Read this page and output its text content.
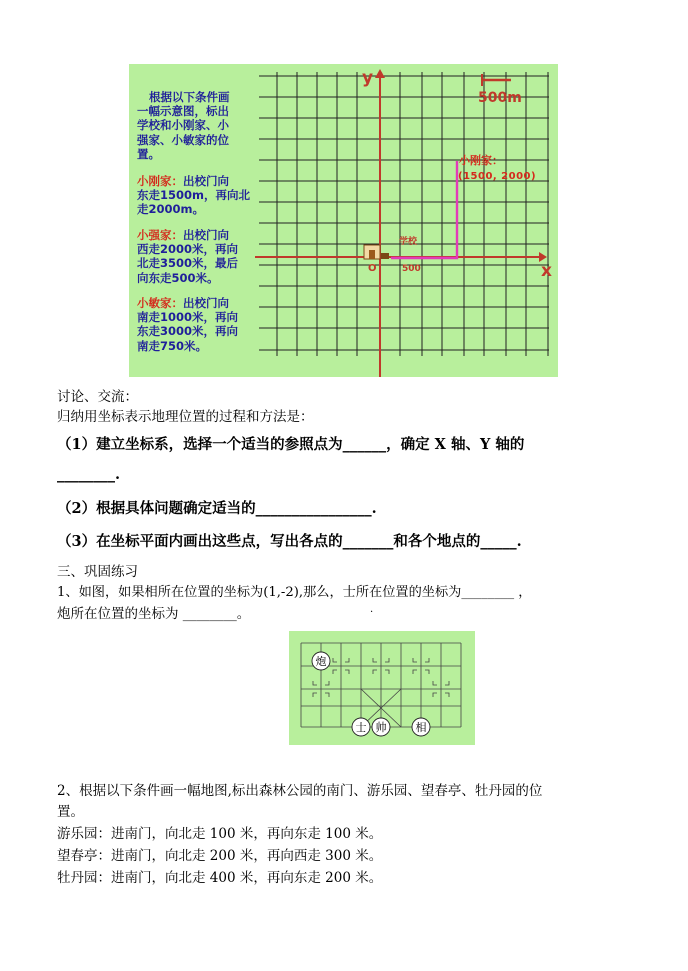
y
x
O
500m
学校
500
根据以下条件画
一幅示意图，标出
学校和小刚家、小
强家、小敏家的位
置。
小刚家：出校门向
东走1500m，再向北
走2000m。
小强家：出校门向
西走2000米，再向
北走3500米，最后
向东走500米。
小敏家：出校门向
南走1000米，再向
东走3000米，再向
南走750米。
小刚家：
(1500, 2000)
讨论、交流：
归纳用坐标表示地理位置的过程和方法是：
（1）建立坐标系，选择一个适当的参照点为______，确定 X 轴、Y 轴的
________.
（2）根据具体问题确定适当的________________.
（3）在坐标平面内画出这些点，写出各点的_______和各个地点的_____.
三、巩固练习
1、如图，如果相所在位置的坐标为(1,-2),那么，士所在位置的坐标为________ ，
炮所在位置的坐标为 ________。	.
炮
士 帅	相
2、根据以下条件画一幅地图,标出森林公园的南门、游乐园、望春亭、牡丹园的位
置。
游乐园：进南门，向北走 100 米，再向东走 100 米。
望春亭：进南门，向北走 200 米，再向西走 300 米。
牡丹园：进南门，向北走 400 米，再向东走 200 米。
